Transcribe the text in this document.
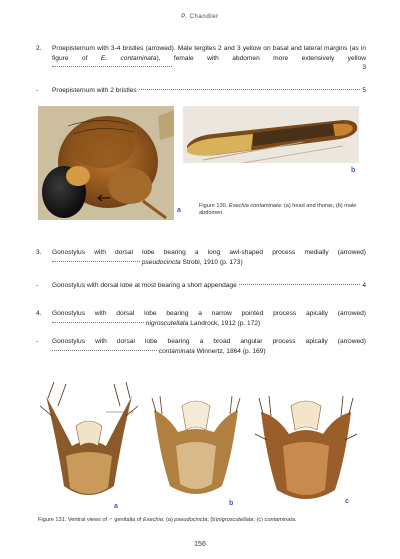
P. Chandler
2.	Proepisternum with 3-4 bristles (arrowed). Male tergites 2 and 3 yellow on basal and lateral margins (as in figure of E. contaminata), female with abdomen more extensively yellow
3
-	Proepisternum with 2 bristles	5
a
b
Figure 130. Exechia contaminata: (a) head and thorax, (b) male abdomen.
3.	Gonostylus with dorsal lobe bearing a long awl-shaped process medially (arrowed)  pseudocincta Strobl, 1910 (p. 173)
-	Gonostylus with dorsal lobe at most bearing a short appendage	4
4.	Gonostylus with dorsal lobe bearing a narrow pointed process apically (arrowed)  nigroscutellata Landrock, 1912 (p. 172)
-	Gonostylus with dorsal lobe bearing a broad angular process apically (arrowed)  contaminata Winnertz, 1864 (p. 169)
a	b	c
Figure 131. Ventral views of ♂ genitalia of Exechia: (a) pseudocincta; (b)nigroscutellata; (c) contaminata.
156
